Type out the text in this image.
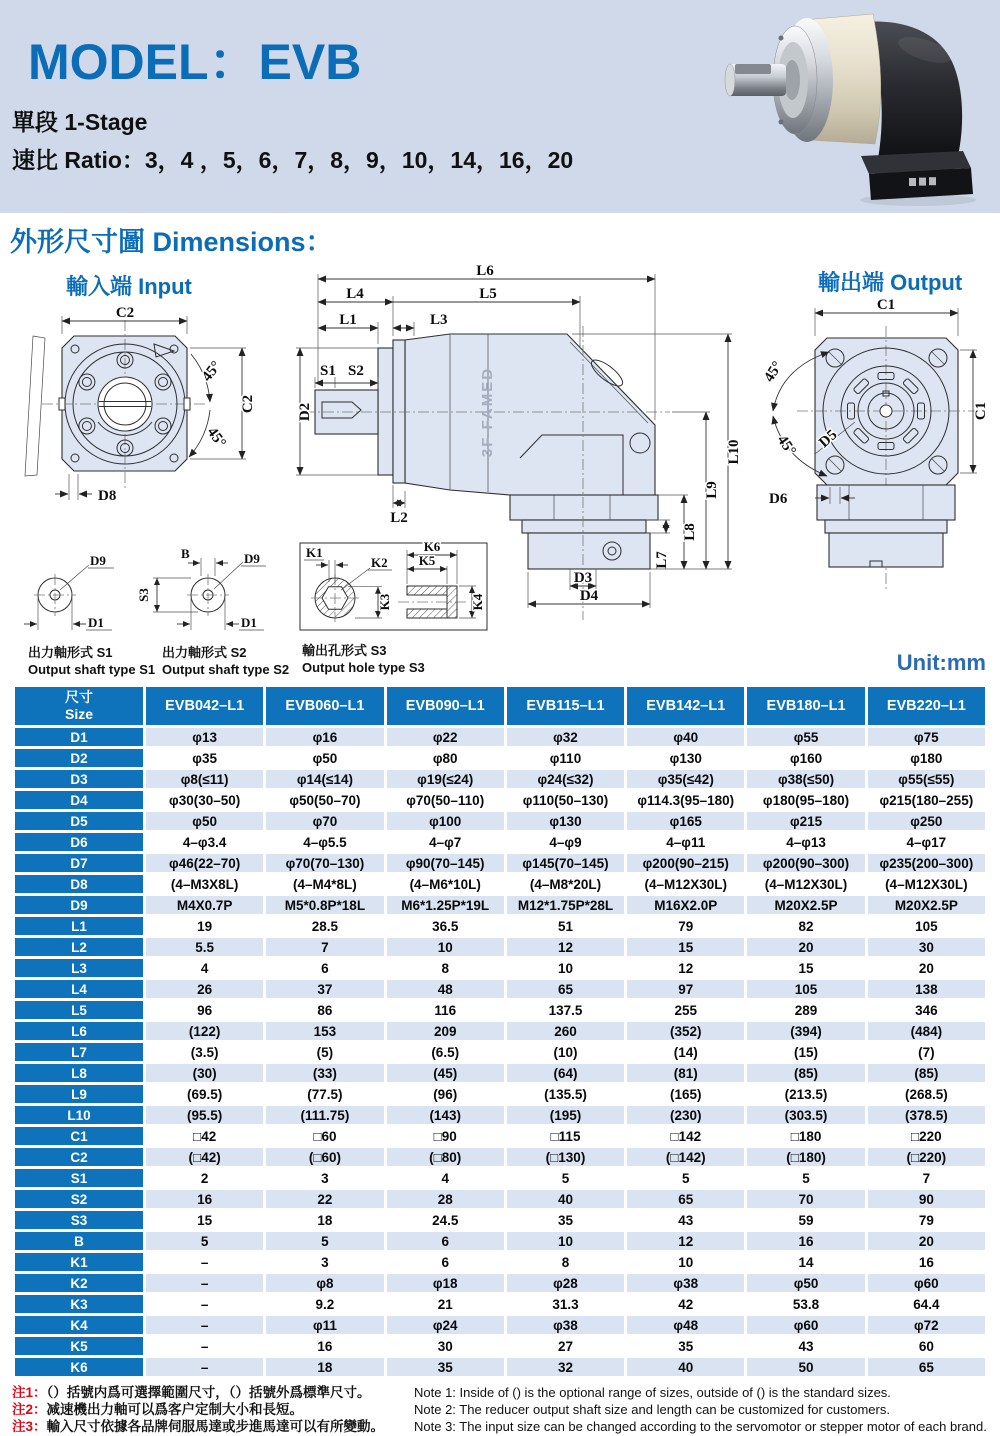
MODEL：EVB
單段 1-Stage
速比 Ratio：3，4 ，5，6，7，8，9，10，14，16，20
外形尺寸圖 Dimensions：
輸入端 Input	輸出端 Output
C2
C2
45°
45°
D8
3F FAMED
L6
L4	L5
L1	L3
S1 S2
D2
L2
L7
L8
L9
L10
D3
D4
C1
C1
45°
45° D5
D6
D9
D1
B
S3
D9
D1
K1
K2
K3
K6
K5
K4
出力軸形式 S1
Output shaft type S1
出力軸形式 S2
Output shaft type S2
輸出孔形式 S3
Output hole type S3	Unit:mm
尺寸
Size	EVB042–L1	EVB060–L1	EVB090–L1	EVB115–L1	EVB142–L1	EVB180–L1	EVB220–L1
D1	φ13	φ16	φ22	φ32	φ40	φ55	φ75
D2	φ35	φ50	φ80	φ110	φ130	φ160	φ180
D3	φ8(≤11)	φ14(≤14)	φ19(≤24)	φ24(≤32)	φ35(≤42)	φ38(≤50)	φ55(≤55)
D4	φ30(30–50)	φ50(50–70)	φ70(50–110)	φ110(50–130)	φ114.3(95–180)	φ180(95–180)	φ215(180–255)
D5	φ50	φ70	φ100	φ130	φ165	φ215	φ250
D6	4–φ3.4	4–φ5.5	4–φ7	4–φ9	4–φ11	4–φ13	4–φ17
D7	φ46(22–70)	φ70(70–130)	φ90(70–145)	φ145(70–145)	φ200(90–215)	φ200(90–300)	φ235(200–300)
D8	(4–M3X8L)	(4–M4*8L)	(4–M6*10L)	(4–M8*20L)	(4–M12X30L)	(4–M12X30L)	(4–M12X30L)
D9	M4X0.7P	M5*0.8P*18L	M6*1.25P*19L	M12*1.75P*28L	M16X2.0P	M20X2.5P	M20X2.5P
L1	19	28.5	36.5	51	79	82	105
L2	5.5	7	10	12	15	20	30
L3	4	6	8	10	12	15	20
L4	26	37	48	65	97	105	138
L5	96	86	116	137.5	255	289	346
L6	(122)	153	209	260	(352)	(394)	(484)
L7	(3.5)	(5)	(6.5)	(10)	(14)	(15)	(7)
L8	(30)	(33)	(45)	(64)	(81)	(85)	(85)
L9	(69.5)	(77.5)	(96)	(135.5)	(165)	(213.5)	(268.5)
L10	(95.5)	(111.75)	(143)	(195)	(230)	(303.5)	(378.5)
C1	□42	□60	□90	□115	□142	□180	□220
C2	(□42)	(□60)	(□80)	(□130)	(□142)	(□180)	(□220)
S1	2	3	4	5	5	5	7
S2	16	22	28	40	65	70	90
S3	15	18	24.5	35	43	59	79
B	5	5	6	10	12	16	20
K1	–	3	6	8	10	14	16
K2	–	φ8	φ18	φ28	φ38	φ50	φ60
K3	–	9.2	21	31.3	42	53.8	64.4
K4	–	φ11	φ24	φ38	φ48	φ60	φ72
K5	–	16	30	27	35	43	60
K6	–	18	35	32	40	50	65
注1：（）括號内爲可選擇範圍尺寸，（）括號外爲標準尺寸。
注2：减速機出力軸可以爲客户定制大小和長短。
注3：輸入尺寸依據各品牌伺服馬達或步進馬達可以有所變動。
Note 1: Inside of () is the optional range of sizes, outside of () is the standard sizes.
Note 2: The reducer output shaft size and length can be customized for customers.
Note 3: The input size can be changed according to the servomotor or stepper motor of each brand.
